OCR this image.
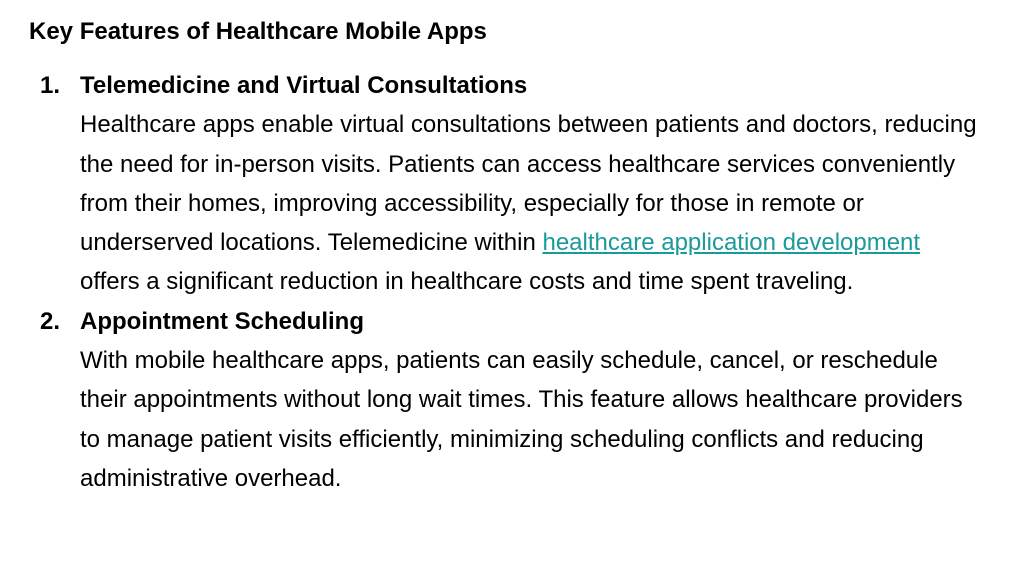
Key Features of Healthcare Mobile Apps
1. Telemedicine and Virtual Consultations
Healthcare apps enable virtual consultations between patients and doctors, reducing the need for in-person visits. Patients can access healthcare services conveniently from their homes, improving accessibility, especially for those in remote or underserved locations. Telemedicine within healthcare application development offers a significant reduction in healthcare costs and time spent traveling.
2. Appointment Scheduling
With mobile healthcare apps, patients can easily schedule, cancel, or reschedule their appointments without long wait times. This feature allows healthcare providers to manage patient visits efficiently, minimizing scheduling conflicts and reducing administrative overhead.
